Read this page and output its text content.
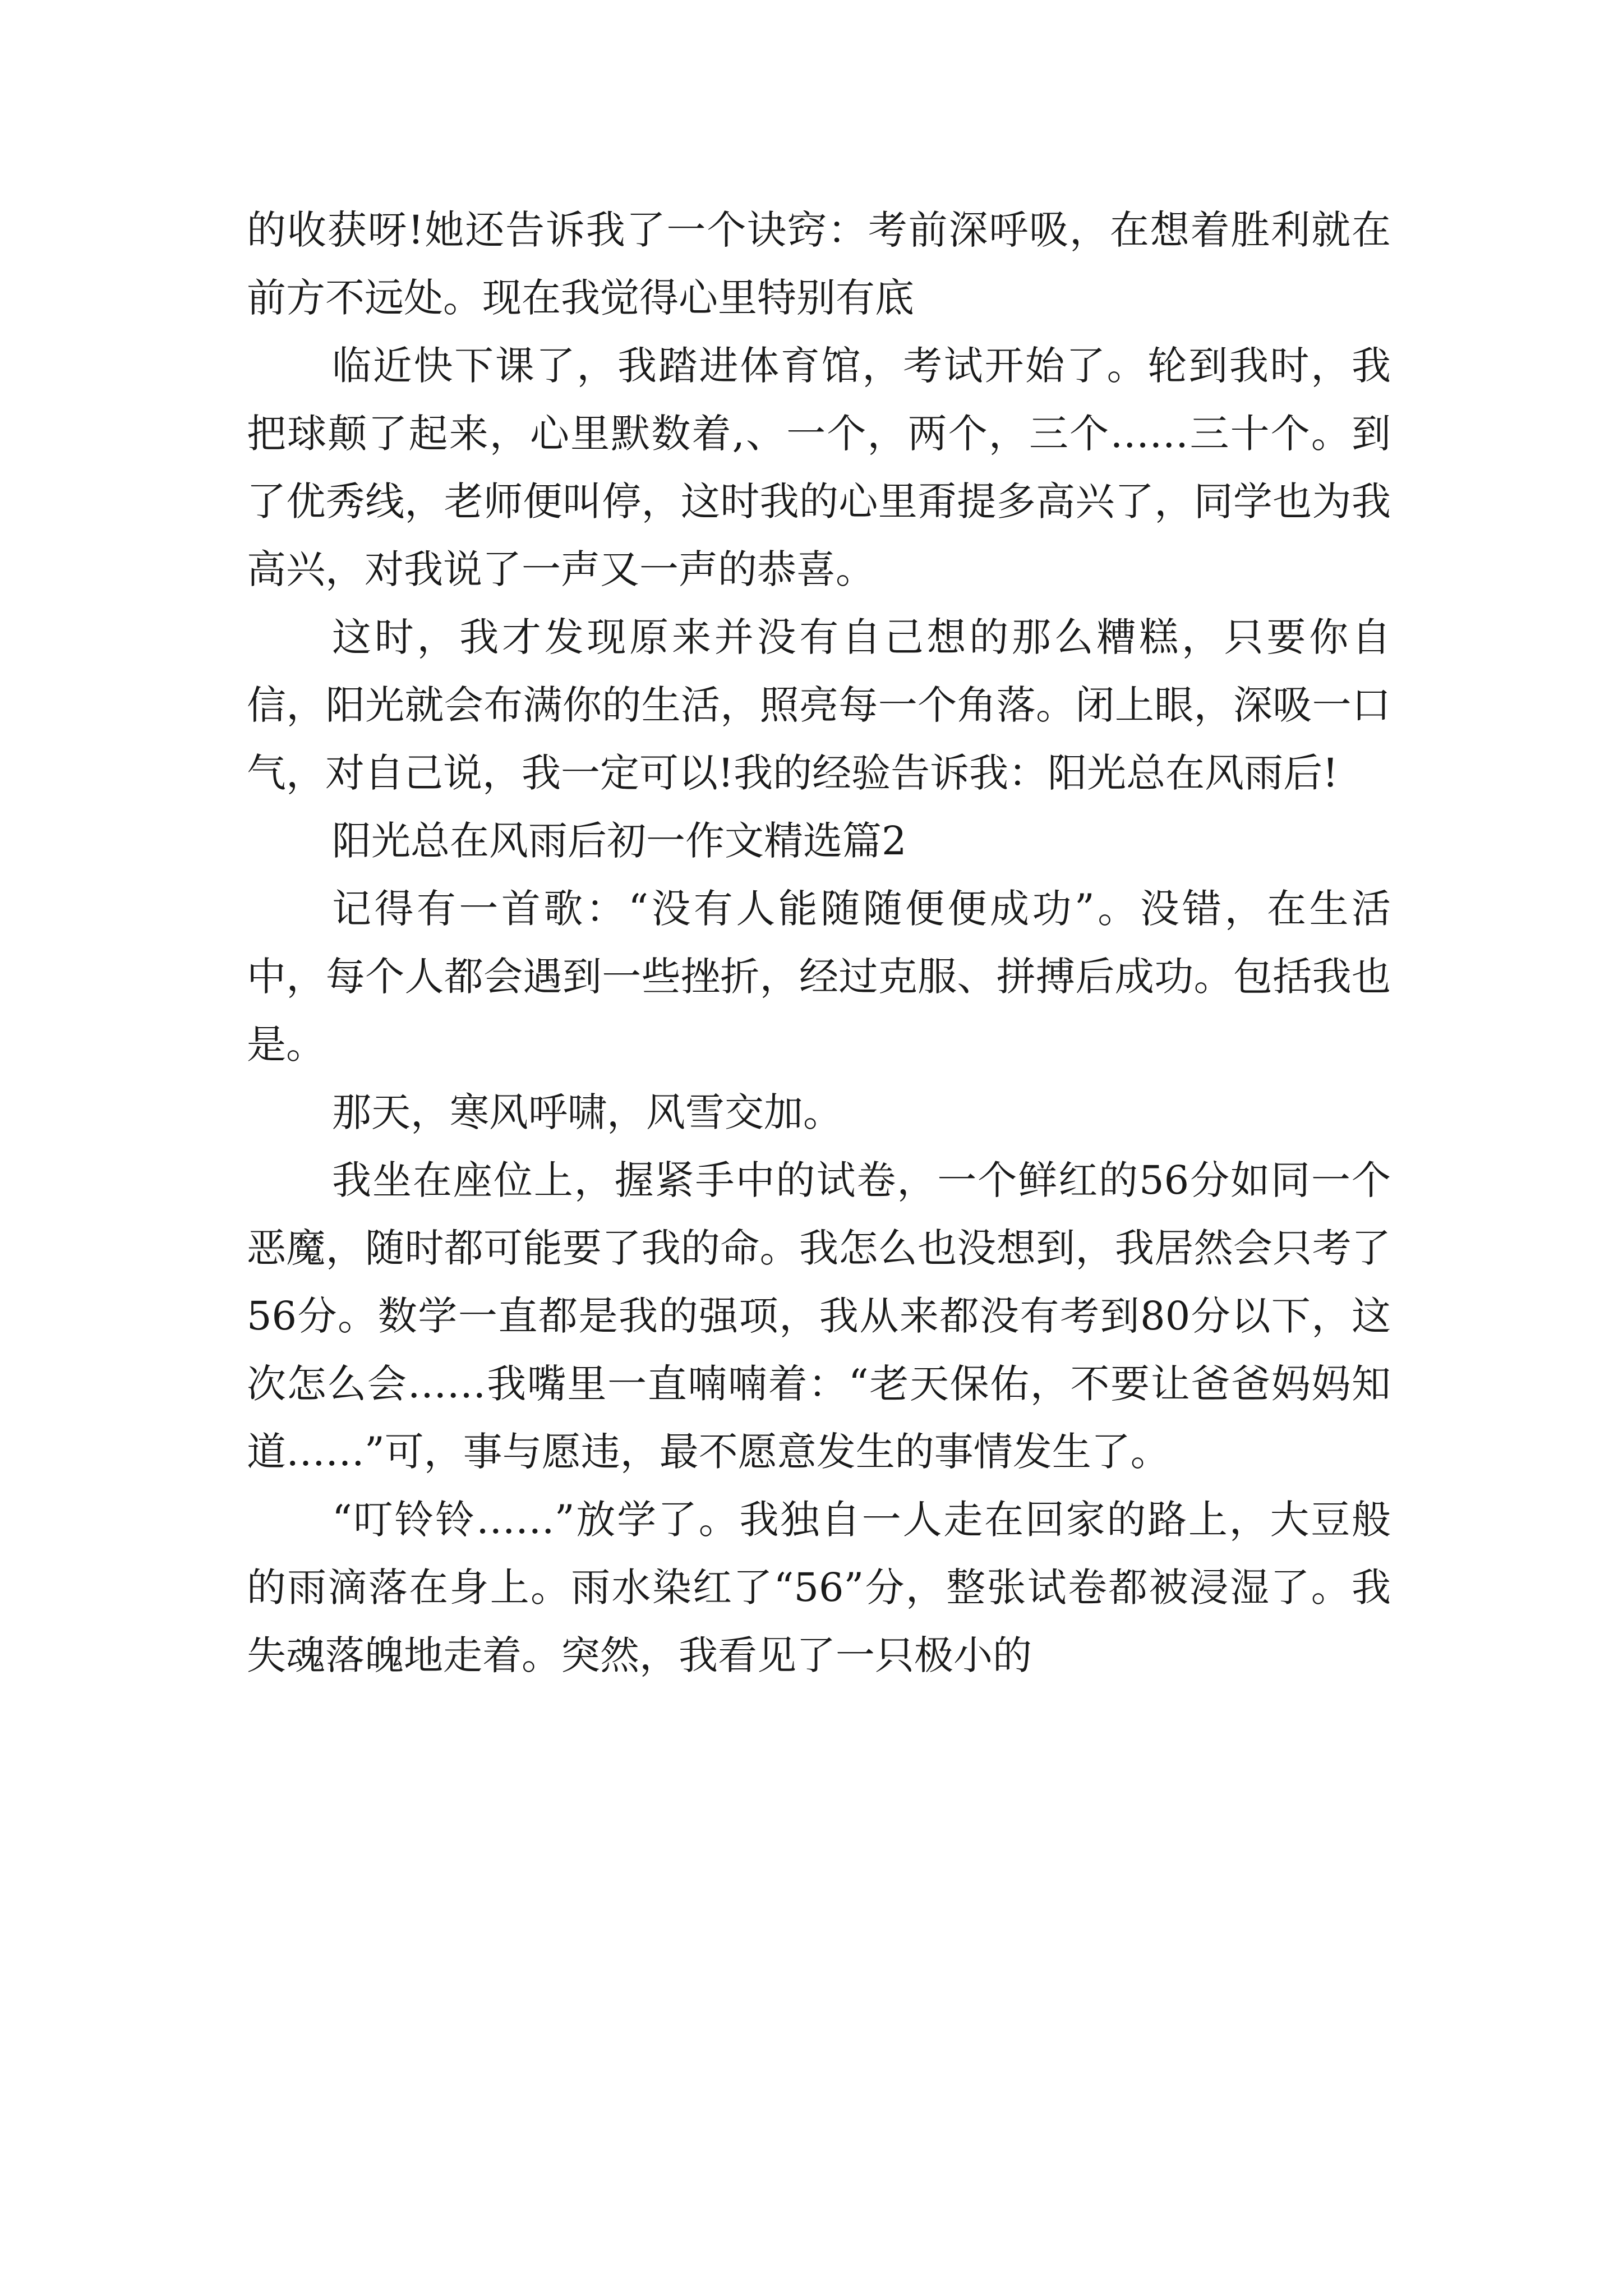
的收获呀!她还告诉我了一个诀窍：考前深呼吸，在想着胜利就在前方不远处。现在我觉得心里特别有底

临近快下课了，我踏进体育馆，考试开始了。轮到我时，我把球颠了起来，心里默数着,、一个，两个，三个……三十个。到了优秀线，老师便叫停，这时我的心里甭提多高兴了，同学也为我高兴，对我说了一声又一声的恭喜。

这时，我才发现原来并没有自己想的那么糟糕，只要你自信，阳光就会布满你的生活，照亮每一个角落。闭上眼，深吸一口气，对自己说，我一定可以!我的经验告诉我：阳光总在风雨后!

阳光总在风雨后初一作文精选篇2

记得有一首歌：“没有人能随随便便成功”。没错，在生活中，每个人都会遇到一些挫折，经过克服、拼搏后成功。包括我也是。

那天，寒风呼啸，风雪交加。

我坐在座位上，握紧手中的试卷，一个鲜红的56分如同一个恶魔，随时都可能要了我的命。我怎么也没想到，我居然会只考了56分。数学一直都是我的强项，我从来都没有考到80分以下，这次怎么会……我嘴里一直喃喃着：“老天保佑，不要让爸爸妈妈知道……”可，事与愿违，最不愿意发生的事情发生了。

“叮铃铃……”放学了。我独自一人走在回家的路上，大豆般的雨滴落在身上。雨水染红了“56”分，整张试卷都被浸湿了。我失魂落魄地走着。突然，我看见了一只极小的
